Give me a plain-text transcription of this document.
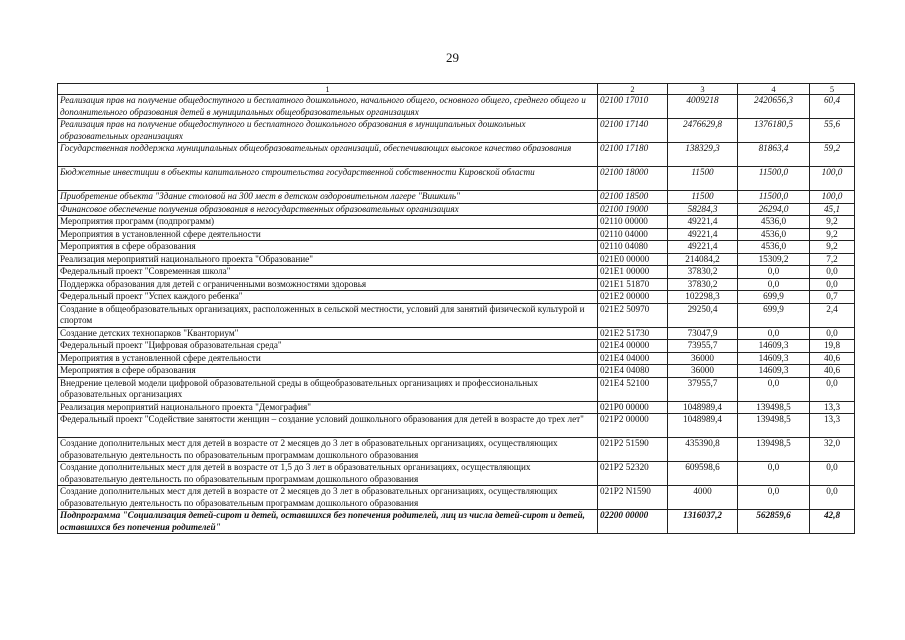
29
1	2	3	4	5
Реализация прав на получение общедоступного и бесплатного дошкольного, начального общего, основного общего, среднего общего и дополнительного образования детей в муниципальных общеобразовательных организациях	02100 17010	4009218	2420656,3	60,4
Реализация прав на получение общедоступного и бесплатного дошкольного образования в муниципальных дошкольных образовательных организациях	02100 17140	2476629,8	1376180,5	55,6
Государственная поддержка муниципальных общеобразовательных организаций, обеспечивающих высокое качество образования	02100 17180	138329,3	81863,4	59,2
Бюджетные инвестиции в объекты капитального строительства государственной собственности Кировской области	02100 18000	11500	11500,0	100,0
Приобретение объекта "Здание столовой на 300 мест в детском оздоровительном лагере "Вишкиль"	02100 18500	11500	11500,0	100,0
Финансовое обеспечение получения образования в негосударственных образовательных организациях	02100 19000	58284,3	26294,0	45,1
Мероприятия программ (подпрограмм)	02110 00000	49221,4	4536,0	9,2
Мероприятия в установленной сфере деятельности	02110 04000	49221,4	4536,0	9,2
Мероприятия в сфере образования	02110 04080	49221,4	4536,0	9,2
Реализация мероприятий национального проекта "Образование"	021E0 00000	214084,2	15309,2	7,2
Федеральный проект "Современная школа"	021E1 00000	37830,2	0,0	0,0
Поддержка образования для детей с ограниченными возможностями здоровья	021E1 51870	37830,2	0,0	0,0
Федеральный проект "Успех каждого ребенка"	021E2 00000	102298,3	699,9	0,7
Создание в общеобразовательных организациях, расположенных в сельской местности, условий для занятий физической культурой и спортом	021E2 50970	29250,4	699,9	2,4
Создание детских технопарков "Кванториум"	021E2 51730	73047,9	0,0	0,0
Федеральный проект "Цифровая образовательная среда"	021E4 00000	73955,7	14609,3	19,8
Мероприятия в установленной сфере деятельности	021E4 04000	36000	14609,3	40,6
Мероприятия в сфере образования	021E4 04080	36000	14609,3	40,6
Внедрение целевой модели цифровой образовательной среды в общеобразовательных организациях и профессиональных образовательных организациях	021E4 52100	37955,7	0,0	0,0
Реализация мероприятий национального проекта "Демография"	021P0 00000	1048989,4	139498,5	13,3
Федеральный проект "Содействие занятости женщин – создание условий дошкольного образования для детей в возрасте до трех лет"	021P2 00000	1048989,4	139498,5	13,3
Создание дополнительных мест для детей в возрасте от 2 месяцев до 3 лет в образовательных организациях, осуществляющих образовательную деятельность по образовательным программам дошкольного образования	021P2 51590	435390,8	139498,5	32,0
Создание дополнительных мест для детей в возрасте от 1,5 до 3 лет в образовательных организациях, осуществляющих образовательную деятельность по образовательным программам дошкольного образования	021P2 52320	609598,6	0,0	0,0
Создание дополнительных мест для детей в возрасте от 2 месяцев до 3 лет в образовательных организациях, осуществляющих образовательную деятельность по образовательным программам дошкольного образования	021P2 N1590	4000	0,0	0,0
Подпрограмма "Социализация детей-сирот и детей, оставшихся без попечения родителей, лиц из числа детей-сирот и детей, оставшихся без попечения родителей"	02200 00000	1316037,2	562859,6	42,8
